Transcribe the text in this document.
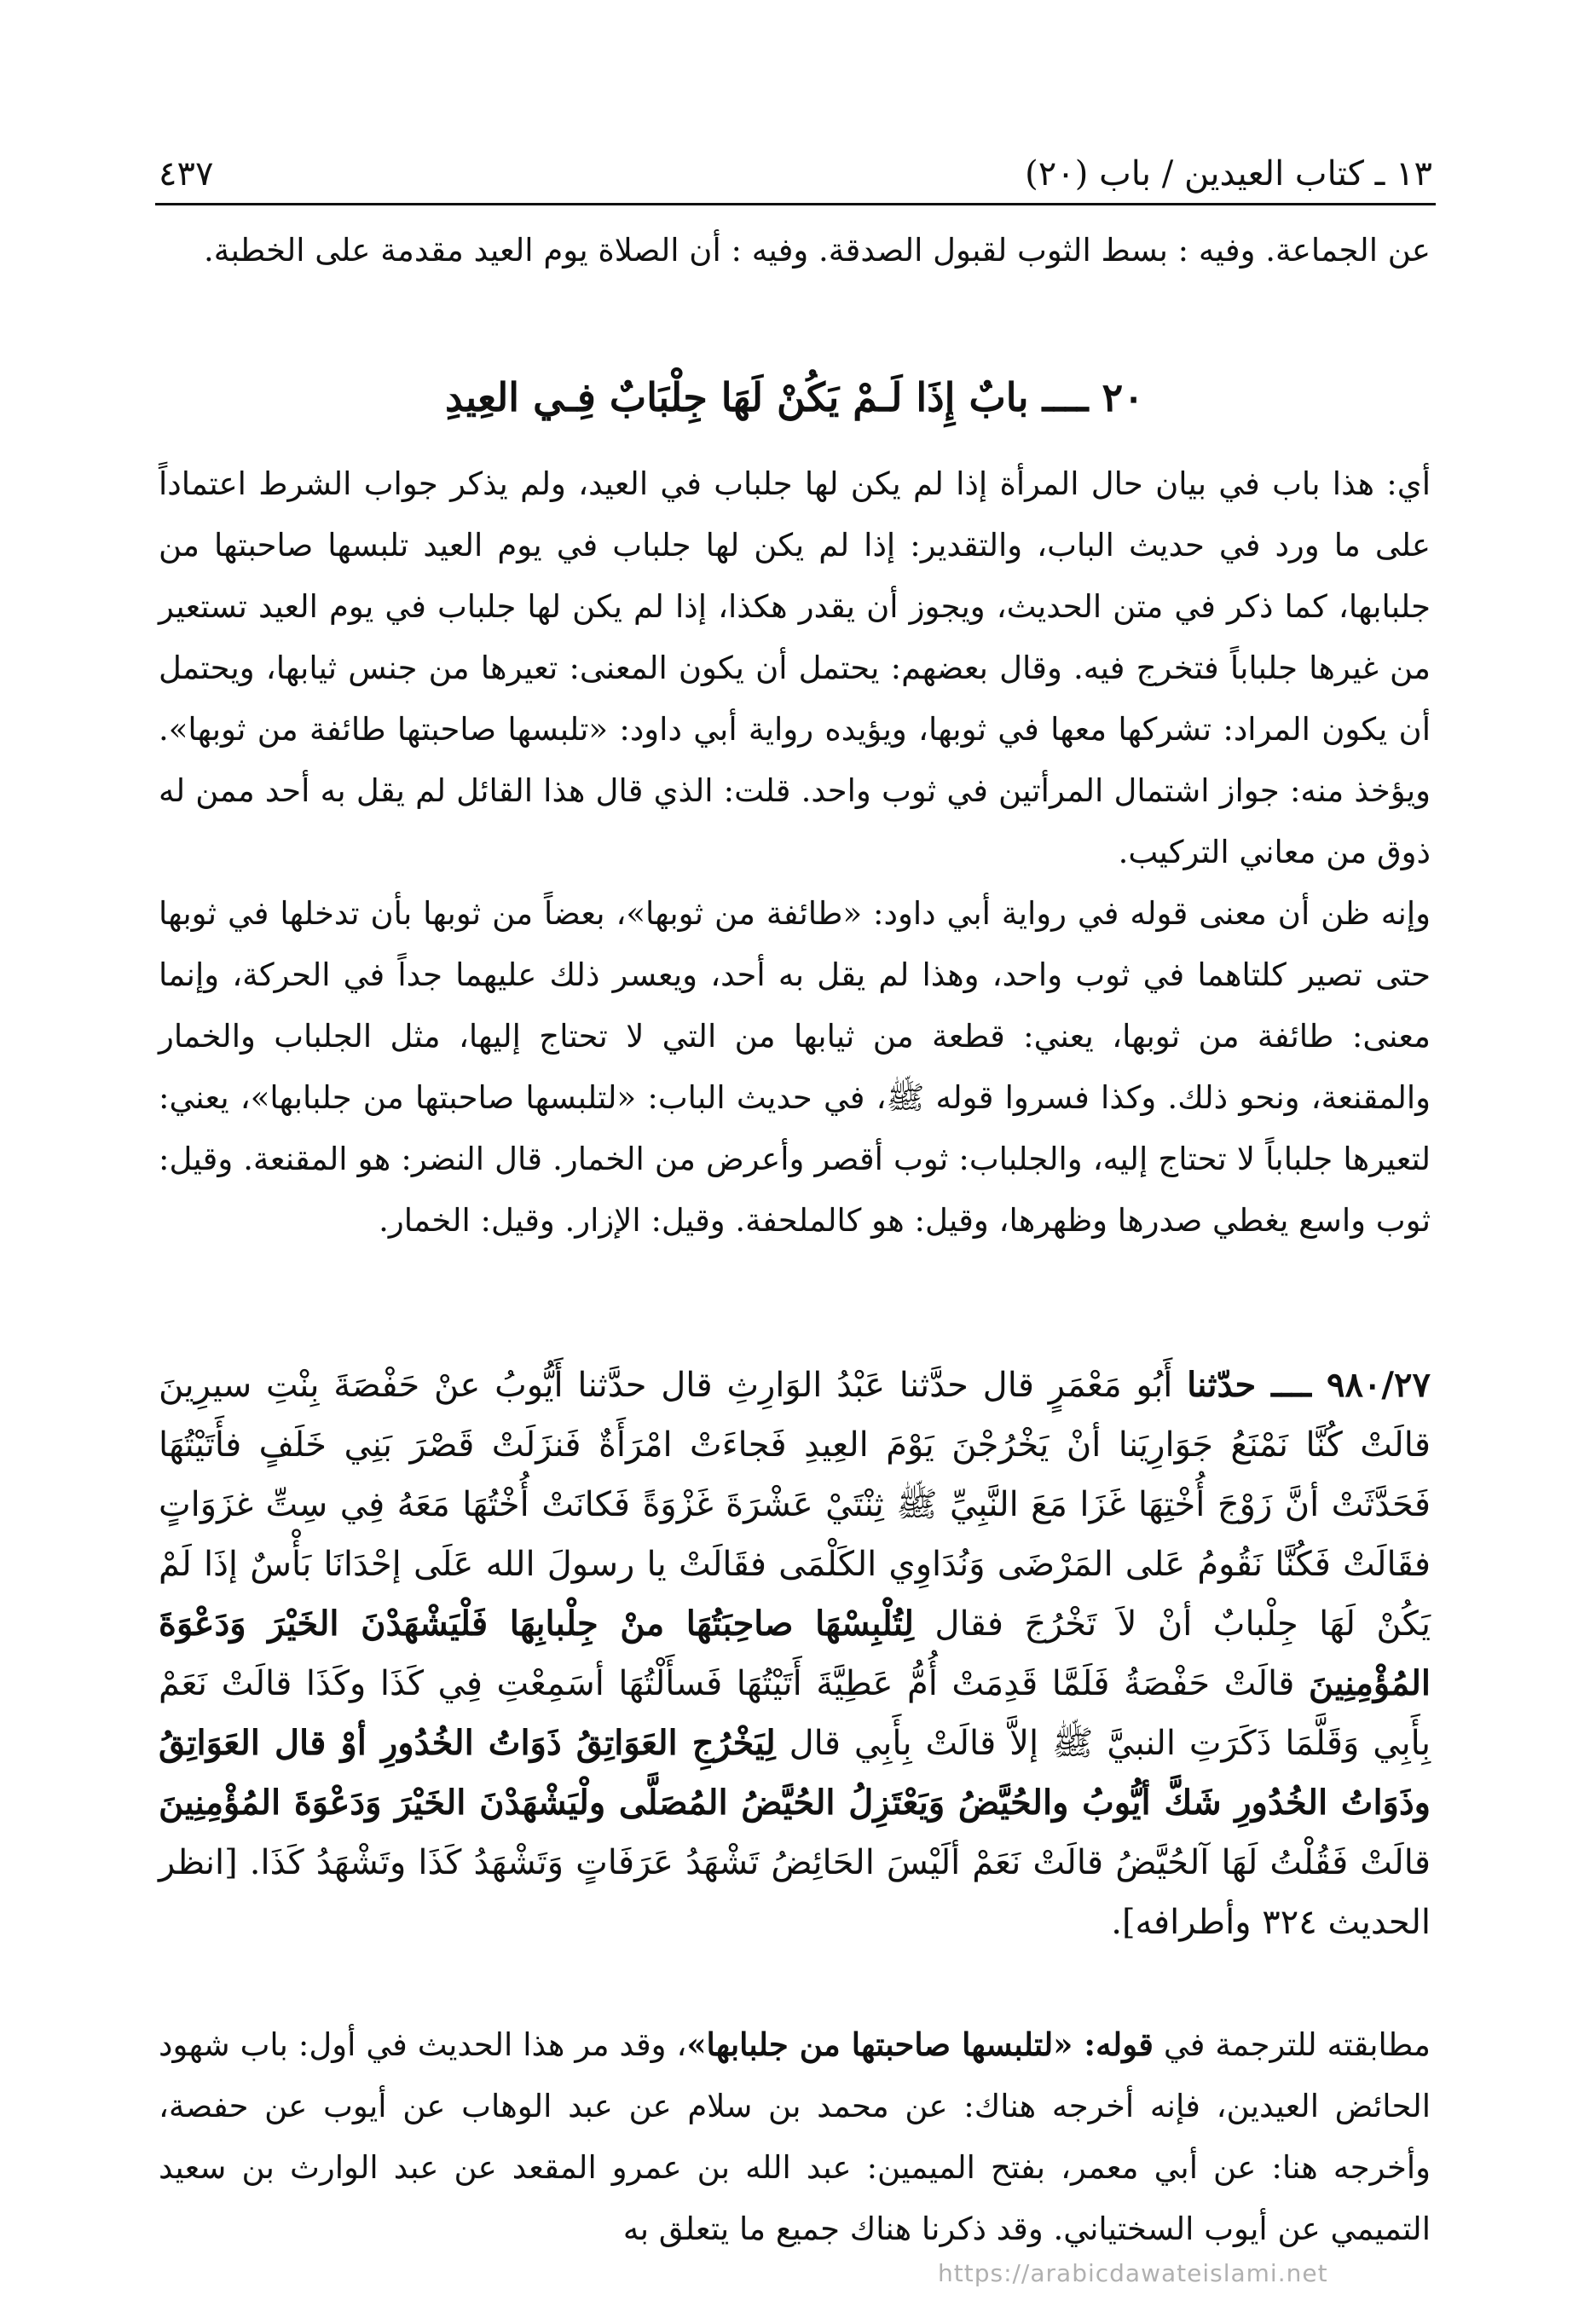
١٣ ـ كتاب العيدين / باب (٢٠)
٤٣٧

عن الجماعة. وفيه : بسط الثوب لقبول الصدقة. وفيه : أن الصلاة يوم العيد مقدمة على الخطبة.

٢٠ ــــ بابٌ إِذَا لَـمْ يَكُنْ لَهَا جِلْبَابٌ فِـي العِيدِ

أي: هذا باب في بيان حال المرأة إذا لم يكن لها جلباب في العيد، ولم يذكر جواب الشرط اعتماداً على ما ورد في حديث الباب، والتقدير: إذا لم يكن لها جلباب في يوم العيد تلبسها صاحبتها من جلبابها، كما ذكر في متن الحديث، ويجوز أن يقدر هكذا، إذا لم يكن لها جلباب في يوم العيد تستعير من غيرها جلباباً فتخرج فيه. وقال بعضهم: يحتمل أن يكون المعنى: تعيرها من جنس ثيابها، ويحتمل أن يكون المراد: تشركها معها في ثوبها، ويؤيده رواية أبي داود: «تلبسها صاحبتها طائفة من ثوبها». ويؤخذ منه: جواز اشتمال المرأتين في ثوب واحد. قلت: الذي قال هذا القائل لم يقل به أحد ممن له ذوق من معاني التركيب.

وإنه ظن أن معنى قوله في رواية أبي داود: «طائفة من ثوبها»، بعضاً من ثوبها بأن تدخلها في ثوبها حتى تصير كلتاهما في ثوب واحد، وهذا لم يقل به أحد، ويعسر ذلك عليهما جداً في الحركة، وإنما معنى: طائفة من ثوبها، يعني: قطعة من ثيابها من التي لا تحتاج إليها، مثل الجلباب والخمار والمقنعة، ونحو ذلك. وكذا فسروا قوله ﷺ، في حديث الباب: «لتلبسها صاحبتها من جلبابها»، يعني: لتعيرها جلباباً لا تحتاج إليه، والجلباب: ثوب أقصر وأعرض من الخمار. قال النضر: هو المقنعة. وقيل: ثوب واسع يغطي صدرها وظهرها، وقيل: هو كالملحفة. وقيل: الإزار. وقيل: الخمار.

٩٨٠/٢٧ ــــ حدّثنا أَبُو مَعْمَرٍ قال حدَّثنا عَبْدُ الوَارِثِ قال حدَّثنا أَيُّوبُ عنْ حَفْصَةَ بِنْتِ سيرِينَ قالَتْ كُنَّا نَمْنَعُ جَوَارِيَنا أنْ يَخْرُجْنَ يَوْمَ العِيدِ فَجاءَتْ امْرَأَةٌ فَنزَلَتْ قَصْرَ بَنِي خَلَفٍ فأَتَيْتُهَا فَحَدَّثَتْ أنَّ زَوْجَ أُخْتِهَا غَزَا مَعَ النَّبِيِّ ﷺ ثِنْتَيْ عَشْرَةَ غَزْوَةً فَكانَتْ أُخْتُهَا مَعَهُ فِي سِتِّ غزَوَاتٍ فقَالَتْ فَكُنَّا نَقُومُ عَلى المَرْضَى وَنُدَاوِي الكَلْمَى فقَالَتْ يا رسولَ الله عَلَى إحْدَانَا بَأْسٌ إذَا لَمْ يَكُنْ لَهَا جِلْبابٌ أنْ لاَ تَخْرُجَ فقال لِتُلْبِسْهَا صاحِبَتُهَا منْ جِلْبابِهَا فَلْيَشْهَدْنَ الخَيْرَ وَدَعْوَةَ المُؤْمِنِينَ قالَتْ حَفْصَةُ فَلَمَّا قَدِمَتْ أُمُّ عَطِيَّةَ أَتَيْتُهَا فَسأَلْتُهَا أسَمِعْتِ فِي كَذَا وكَذَا قالَتْ نَعَمْ بِأَبِي وَقَلَّمَا ذَكَرَتِ النبيَّ ﷺ إلاَّ قالَتْ بِأَبِي قال لِيَخْرُجِ العَوَاتِقُ ذَوَاتُ الخُدُورِ أوْ قال العَوَاتِقُ وذَوَاتُ الخُدُورِ شَكَّ أيُّوبُ والحُيَّضُ وَيَعْتَزِلُ الحُيَّضُ المُصَلَّى ولْيَشْهَدْنَ الخَيْرَ وَدَعْوَةَ المُؤْمِنِينَ قالَتْ فَقُلْتُ لَهَا آلحُيَّضُ قالَتْ نَعَمْ ألَيْسَ الحَائِضُ تَشْهَدُ عَرَفَاتٍ وَتَشْهَدُ كَذَا وتَشْهَدُ كَذَا. [انظر الحديث ٣٢٤ وأطرافه].

مطابقته للترجمة في قوله: «لتلبسها صاحبتها من جلبابها»، وقد مر هذا الحديث في أول: باب شهود الحائض العيدين، فإنه أخرجه هناك: عن محمد بن سلام عن عبد الوهاب عن أيوب عن حفصة، وأخرجه هنا: عن أبي معمر، بفتح الميمين: عبد الله بن عمرو المقعد عن عبد الوارث بن سعيد التميمي عن أيوب السختياني. وقد ذكرنا هناك جميع ما يتعلق به

https://arabicdawateislami.net
